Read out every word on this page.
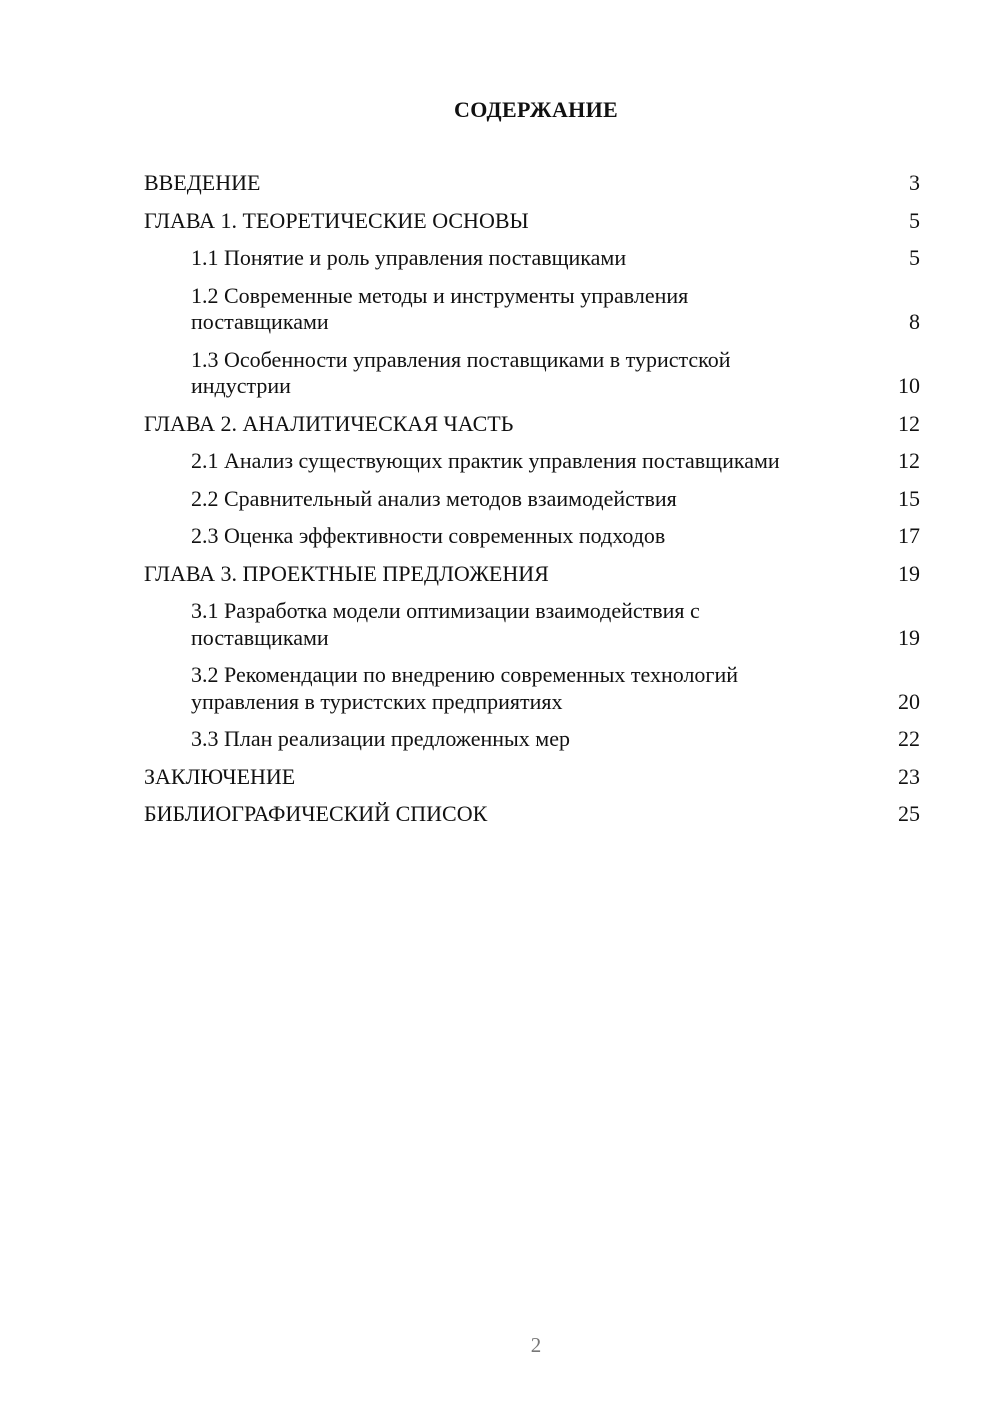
СОДЕРЖАНИЕ
ВВЕДЕНИЕ	3
ГЛАВА 1. ТЕОРЕТИЧЕСКИЕ ОСНОВЫ	5
1.1 Понятие и роль управления поставщиками	5
1.2 Современные методы и инструменты управления поставщиками	8
1.3 Особенности управления поставщиками в туристской индустрии	10
ГЛАВА 2. АНАЛИТИЧЕСКАЯ ЧАСТЬ	12
2.1 Анализ существующих практик управления поставщиками	12
2.2 Сравнительный анализ методов взаимодействия	15
2.3 Оценка эффективности современных подходов	17
ГЛАВА 3. ПРОЕКТНЫЕ ПРЕДЛОЖЕНИЯ	19
3.1 Разработка модели оптимизации взаимодействия с поставщиками	19
3.2 Рекомендации по внедрению современных технологий управления в туристских предприятиях	20
3.3 План реализации предложенных мер	22
ЗАКЛЮЧЕНИЕ	23
БИБЛИОГРАФИЧЕСКИЙ СПИСОК	25
2
